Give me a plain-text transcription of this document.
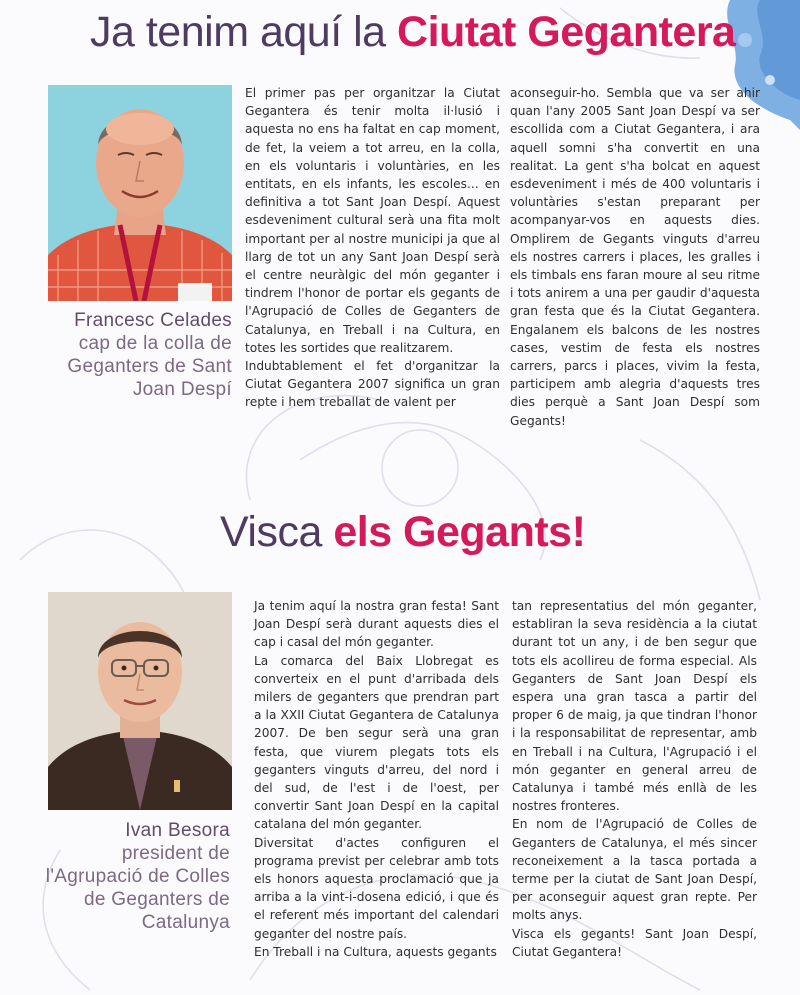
Ja tenim aquí la Ciutat Gegantera
Francesc Celades
cap de la colla de Geganters de Sant Joan Despí

El primer pas per organitzar la Ciutat Gegantera és tenir molta il·lusió i aquesta no ens ha faltat en cap moment, de fet, la veiem a tot arreu, en la colla, en els voluntaris i voluntàries, en les entitats, en els infants, les escoles... en definitiva a tot Sant Joan Despí. Aquest esdeveniment cultural serà una fita molt important per al nostre municipi ja que al llarg de tot un any Sant Joan Despí serà el centre neuràlgic del món geganter i tindrem l'honor de portar els gegants de l'Agrupació de Colles de Geganters de Catalunya, en Treball i na Cultura, en totes les sortides que realitzarem.

Indubtablement el fet d'organitzar la Ciutat Gegantera 2007 significa un gran repte i hem treballat de valent per

aconseguir-ho. Sembla que va ser ahir quan l'any 2005 Sant Joan Despí va ser escollida com a Ciutat Gegantera, i ara aquell somni s'ha convertit en una realitat. La gent s'ha bolcat en aquest esdeveniment i més de 400 voluntaris i voluntàries s'estan preparant per acompanyar-vos en aquests dies. Omplirem de Gegants vinguts d'arreu els nostres carrers i places, les gralles i els timbals ens faran moure al seu ritme i tots anirem a una per gaudir d'aquesta gran festa que és la Ciutat Gegantera. Engalanem els balcons de les nostres cases, vestim de festa els nostres carrers, parcs i places, vivim la festa, participem amb alegria d'aquests tres dies perquè a Sant Joan Despí som Gegants!

Visca els Gegants!
Ivan Besora
president de l'Agrupació de Colles de Geganters de Catalunya

Ja tenim aquí la nostra gran festa! Sant Joan Despí serà durant aquests dies el cap i casal del món geganter.

La comarca del Baix Llobregat es converteix en el punt d'arribada dels milers de geganters que prendran part a la XXII Ciutat Gegantera de Catalunya 2007. De ben segur serà una gran festa, que viurem plegats tots els geganters vinguts d'arreu, del nord i del sud, de l'est i de l'oest, per convertir Sant Joan Despí en la capital catalana del món geganter.

Diversitat d'actes configuren el programa previst per celebrar amb tots els honors aquesta proclamació que ja arriba a la vint-i-dosena edició, i que és el referent més important del calendari geganter del nostre país.

En Treball i na Cultura, aquests gegants

tan representatius del món geganter, establiran la seva residència a la ciutat durant tot un any, i de ben segur que tots els acollireu de forma especial. Als Geganters de Sant Joan Despí els espera una gran tasca a partir del proper 6 de maig, ja que tindran l'honor i la responsabilitat de representar, amb en Treball i na Cultura, l'Agrupació i el món geganter en general arreu de Catalunya i també més enllà de les nostres fronteres.

En nom de l'Agrupació de Colles de Geganters de Catalunya, el més sincer reconeixement a la tasca portada a terme per la ciutat de Sant Joan Despí, per aconseguir aquest gran repte. Per molts anys.

Visca els gegants! Sant Joan Despí, Ciutat Gegantera!
